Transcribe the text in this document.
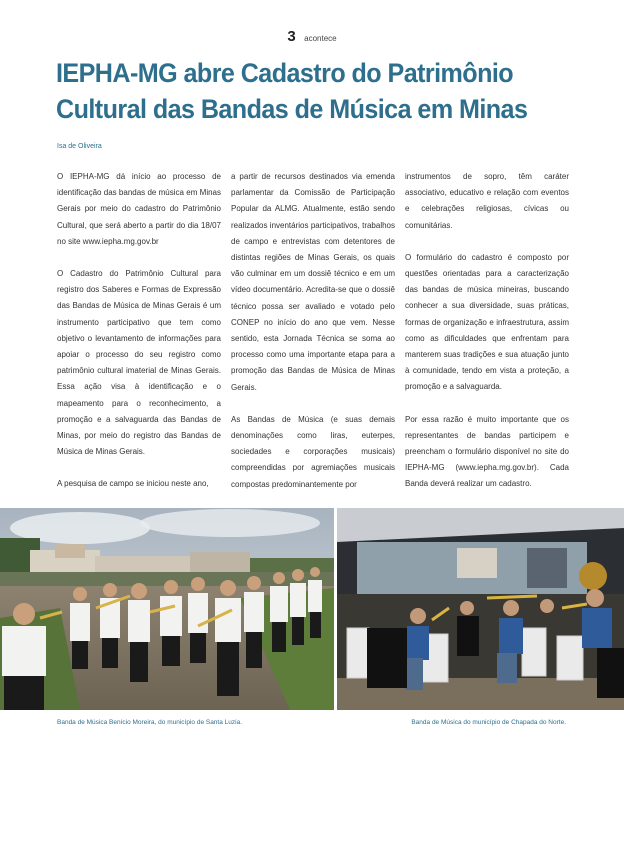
3 acontece
IEPHA-MG abre Cadastro do Patrimônio
Cultural das Bandas de Música em Minas
Isa de Oliveira

O IEPHA-MG dá início ao processo de identificação das bandas de música em Minas Gerais por meio do cadastro do Patrimônio Cultural, que será aberto a partir do dia 18/07 no site www.iepha.mg.gov.br

O Cadastro do Patrimônio Cultural para registro dos Saberes e Formas de Expressão das Bandas de Música de Minas Gerais é um instrumento participativo que tem como objetivo o levantamento de informações para apoiar o processo do seu registro como patrimônio cultural imaterial de Minas Gerais. Essa ação visa à identificação e o mapeamento para o reconhecimento, a promoção e a salvaguarda das Bandas de Minas, por meio do registro das Bandas de Música de Minas Gerais.

A pesquisa de campo se iniciou neste ano,

a partir de recursos destinados via emenda parlamentar da Comissão de Participação Popular da ALMG. Atualmente, estão sendo realizados inventários participativos, trabalhos de campo e entrevistas com detentores de distintas regiões de Minas Gerais, os quais vão culminar em um dossiê técnico e em um vídeo documentário. Acredita-se que o dossiê técnico possa ser avaliado e votado pelo CONEP no início do ano que vem. Nesse sentido, esta Jornada Técnica se soma ao processo como uma importante etapa para a promoção das Bandas de Música de Minas Gerais.

As Bandas de Música (e suas demais denominações como liras, euterpes, sociedades e corporações musicais) compreendidas por agremiações musicais compostas predominantemente por

instrumentos de sopro, têm caráter associativo, educativo e relação com eventos e celebrações religiosas, cívicas ou comunitárias.

O formulário do cadastro é composto por questões orientadas para a caracterização das bandas de música mineiras, buscando conhecer a sua diversidade, suas práticas, formas de organização e infraestrutura, assim como as dificuldades que enfrentam para manterem suas tradições e sua atuação junto à comunidade, tendo em vista a proteção, a promoção e a salvaguarda.

Por essa razão é muito importante que os representantes de bandas participem e preencham o formulário disponível no site do IEPHA-MG (www.iepha.mg.gov.br). Cada Banda deverá realizar um cadastro.

Banda de Música Benício Moreira, do município de Santa Luzia.	Banda de Música do município de Chapada do Norte.
